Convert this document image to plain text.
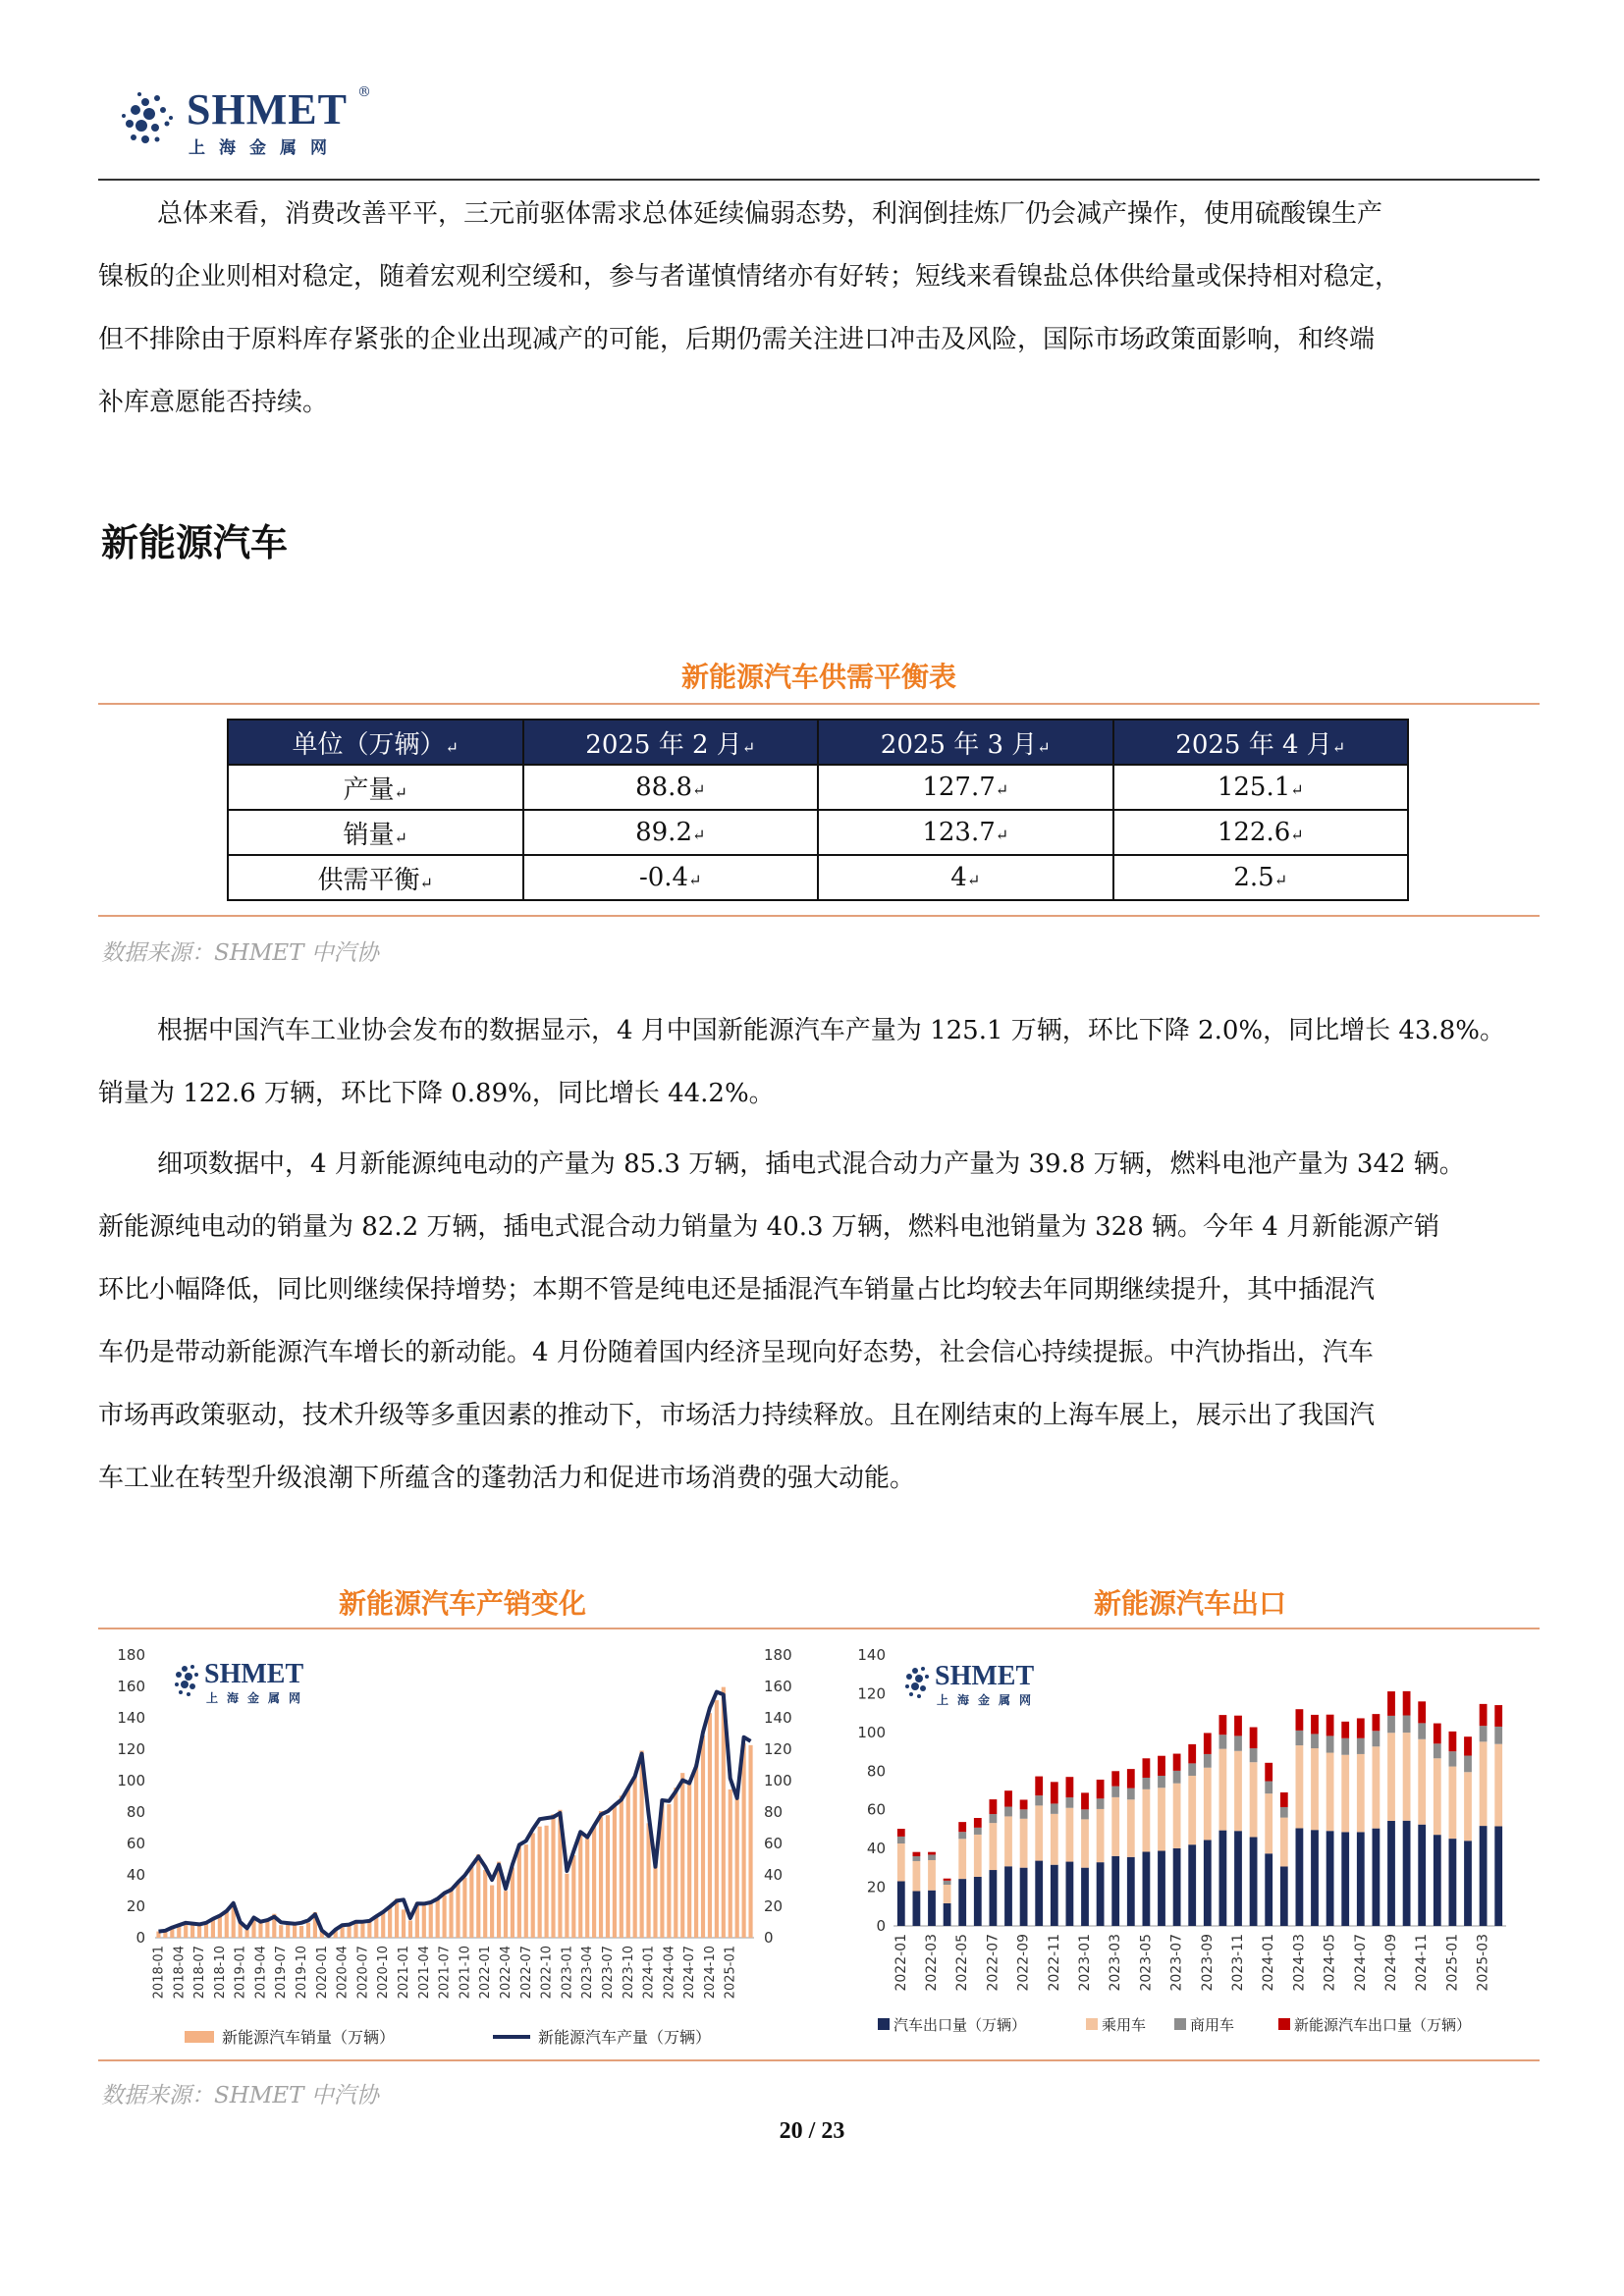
SHMET ®
上海金属网
总体来看，消费改善平平，三元前驱体需求总体延续偏弱态势，利润倒挂炼厂仍会减产操作，使用硫酸镍生产
镍板的企业则相对稳定，随着宏观利空缓和，参与者谨慎情绪亦有好转；短线来看镍盐总体供给量或保持相对稳定，
但不排除由于原料库存紧张的企业出现减产的可能，后期仍需关注进口冲击及风险，国际市场政策面影响，和终端
补库意愿能否持续。
新能源汽车
新能源汽车供需平衡表
单位（万辆）↵	2025 年 2 月↵	2025 年 3 月↵	2025 年 4 月↵
产量↵	88.8↵	127.7↵	125.1↵
销量↵	89.2↵	123.7↵	122.6↵
供需平衡↵	-0.4↵	4↵	2.5↵
数据来源：SHMET 中汽协
根据中国汽车工业协会发布的数据显示，4 月中国新能源汽车产量为 125.1 万辆，环比下降 2.0%，同比增长 43.8%。
销量为 122.6 万辆，环比下降 0.89%，同比增长 44.2%。
细项数据中，4 月新能源纯电动的产量为 85.3 万辆，插电式混合动力产量为 39.8 万辆，燃料电池产量为 342 辆。
新能源纯电动的销量为 82.2 万辆，插电式混合动力销量为 40.3 万辆，燃料电池销量为 328 辆。今年 4 月新能源产销
环比小幅降低，同比则继续保持增势；本期不管是纯电还是插混汽车销量占比均较去年同期继续提升，其中插混汽
车仍是带动新能源汽车增长的新动能。4 月份随着国内经济呈现向好态势，社会信心持续提振。中汽协指出，汽车
市场再政策驱动，技术升级等多重因素的推动下，市场活力持续释放。且在刚结束的上海车展上，展示出了我国汽
车工业在转型升级浪潮下所蕴含的蓬勃活力和促进市场消费的强大动能。
新能源汽车产销变化	新能源汽车出口
0	0
20	20
40	40
60	60
80	80
100	100
120	120
140	140
160	160
180	180
SHMET
上海金属网
2018-01 2018-04 2018-07 2018-10 2019-01 2019-04 2019-07 2019-10 2020-01 2020-04 2020-07 2020-10 2021-01 2021-04 2021-07 2021-10 2022-01 2022-04 2022-07 2022-10 2023-01 2023-04 2023-07 2023-10 2024-01 2024-04 2024-07 2024-10 2025-01
新能源汽车销量（万辆）	新能源汽车产量（万辆）
0
20
40
60
80
100
120
140
SHMET
上海金属网
2022-01 2022-03 2022-05 2022-07 2022-09 2022-11 2023-01 2023-03 2023-05 2023-07 2023-09 2023-11 2024-01 2024-03 2024-05 2024-07 2024-09 2024-11 2025-01 2025-03
汽车出口量（万辆）	乘用车	商用车	新能源汽车出口量（万辆）
数据来源：SHMET 中汽协
20 / 23
